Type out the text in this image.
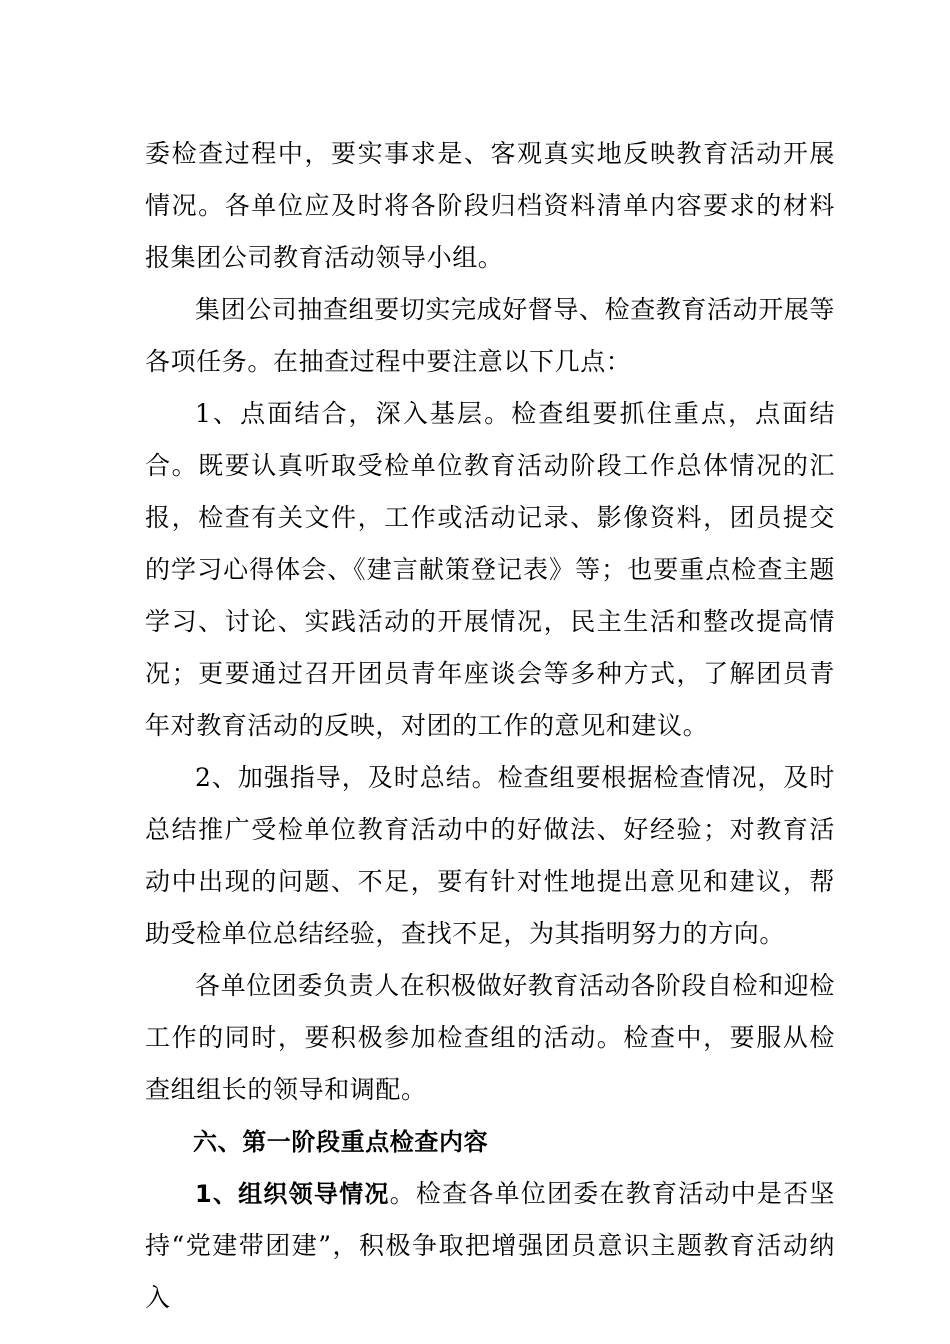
委检查过程中，要实事求是、客观真实地反映教育活动开展情况。各单位应及时将各阶段归档资料清单内容要求的材料报集团公司教育活动领导小组。

集团公司抽查组要切实完成好督导、检查教育活动开展等各项任务。在抽查过程中要注意以下几点：

1、点面结合，深入基层。检查组要抓住重点，点面结合。既要认真听取受检单位教育活动阶段工作总体情况的汇报，检查有关文件，工作或活动记录、影像资料，团员提交的学习心得体会、《建言献策登记表》等；也要重点检查主题学习、讨论、实践活动的开展情况，民主生活和整改提高情况；更要通过召开团员青年座谈会等多种方式，了解团员青年对教育活动的反映，对团的工作的意见和建议。

2、加强指导，及时总结。检查组要根据检查情况，及时总结推广受检单位教育活动中的好做法、好经验；对教育活动中出现的问题、不足，要有针对性地提出意见和建议，帮助受检单位总结经验，查找不足，为其指明努力的方向。

各单位团委负责人在积极做好教育活动各阶段自检和迎检工作的同时，要积极参加检查组的活动。检查中，要服从检查组组长的领导和调配。

六、第一阶段重点检查内容

1、组织领导情况。检查各单位团委在教育活动中是否坚持“党建带团建”，积极争取把增强团员意识主题教育活动纳入
